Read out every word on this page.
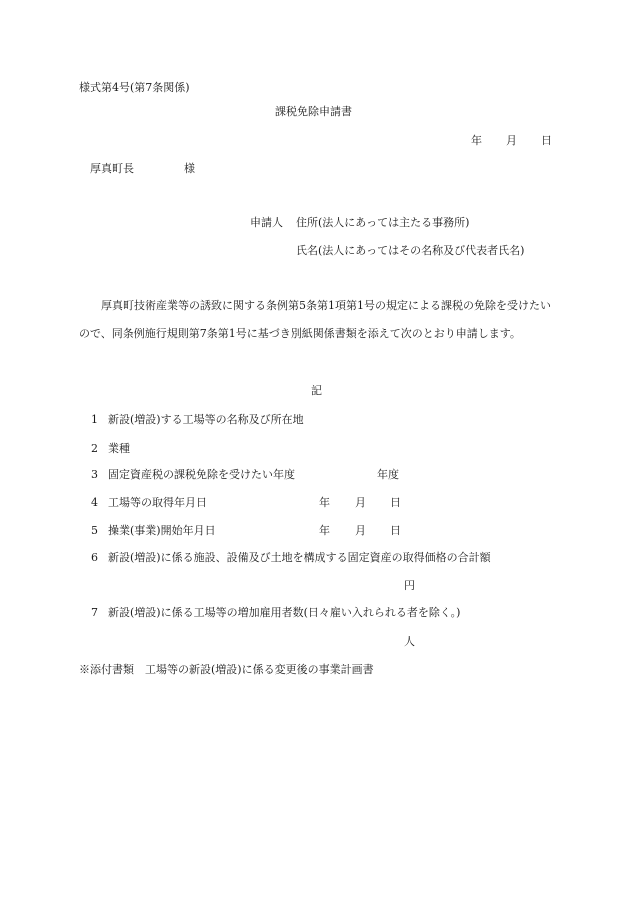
様式第4号(第7条関係)
課税免除申請書
年 月 日
厚真町長	様
申請人 住所(法人にあっては主たる事務所)
氏名(法人にあってはその名称及び代表者氏名)
厚真町技術産業等の誘致に関する条例第5条第1項第1号の規定による課税の免除を受けたいので、同条例施行規則第7条第1号に基づき別紙関係書類を添えて次のとおり申請します。
記
1 新設(増設)する工場等の名称及び所在地
2 業種
3 固定資産税の課税免除を受けたい年度	年度
4 工場等の取得年月日	年 月 日
5 操業(事業)開始年月日	年 月 日
6 新設(増設)に係る施設、設備及び土地を構成する固定資産の取得価格の合計額
円
7 新設(増設)に係る工場等の増加雇用者数(日々雇い入れられる者を除く。)
人
※添付書類　工場等の新設(増設)に係る変更後の事業計画書
